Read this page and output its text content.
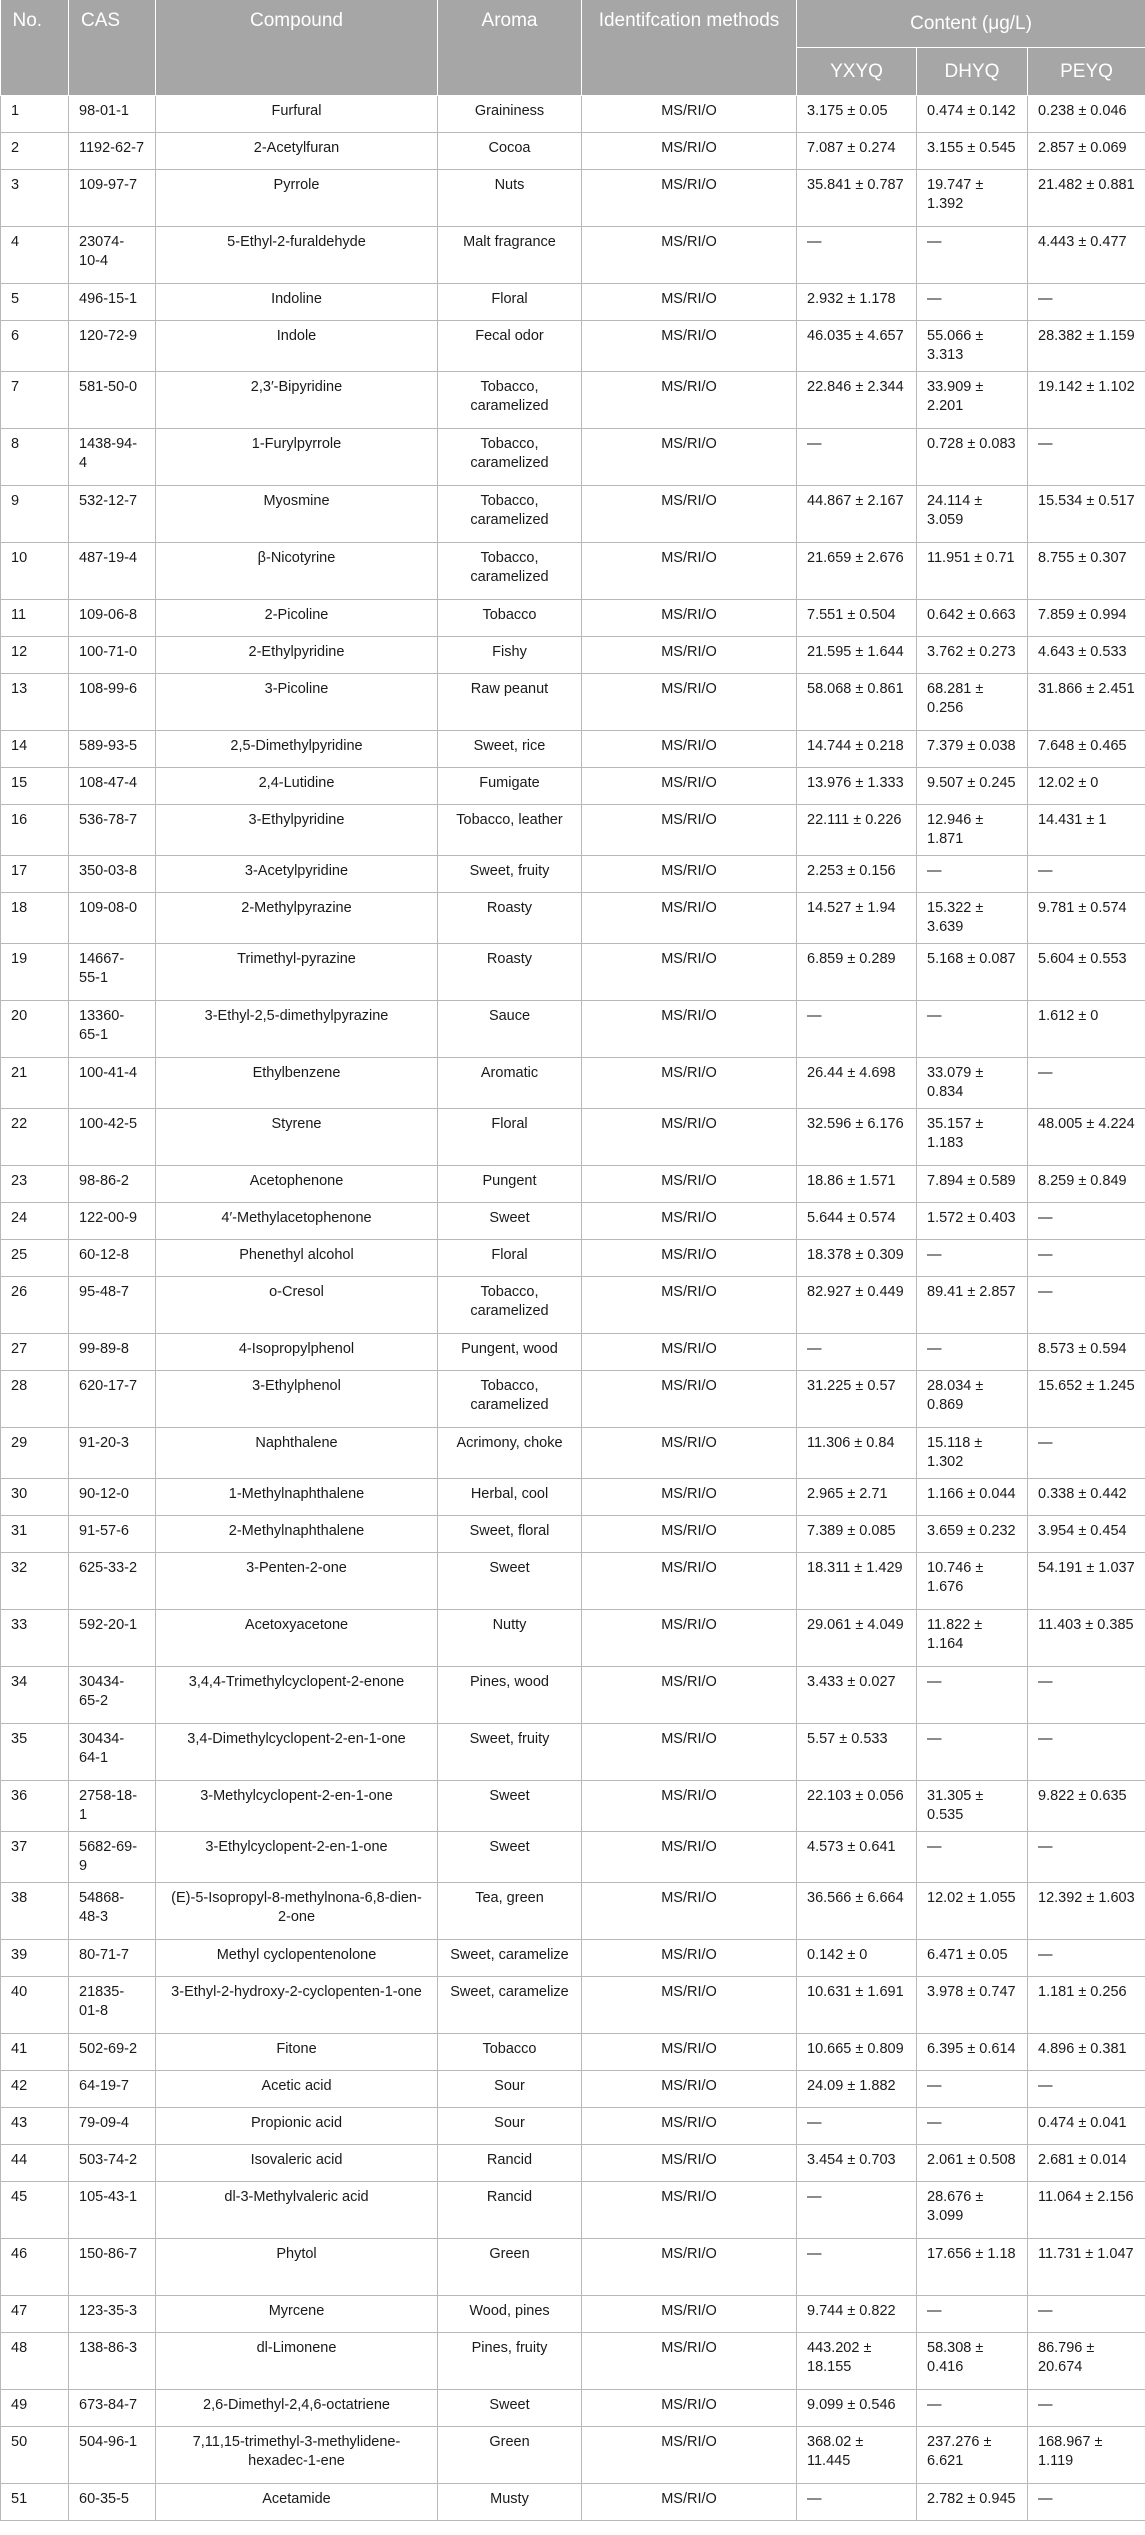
No.	CAS	Compound	Aroma	Identifcation methods	Content (μg/L)		
					YXYQ	DHYQ	PEYQ
1	98-01-1	Furfural	Graininess	MS/RI/O	3.175 ± 0.05	0.474 ± 0.142	0.238 ± 0.046
2	1192-62-7	2-Acetylfuran	Cocoa	MS/RI/O	7.087 ± 0.274	3.155 ± 0.545	2.857 ± 0.069
3	109-97-7	Pyrrole	Nuts	MS/RI/O	35.841 ± 0.787	19.747 ± 1.392	21.482 ± 0.881
4	23074-10-4	5-Ethyl-2-furaldehyde	Malt fragrance	MS/RI/O	—	—	4.443 ± 0.477
5	496-15-1	Indoline	Floral	MS/RI/O	2.932 ± 1.178	—	—
6	120-72-9	Indole	Fecal odor	MS/RI/O	46.035 ± 4.657	55.066 ± 3.313	28.382 ± 1.159
7	581-50-0	2,3′-Bipyridine	Tobacco, caramelized	MS/RI/O	22.846 ± 2.344	33.909 ± 2.201	19.142 ± 1.102
8	1438-94-4	1-Furylpyrrole	Tobacco, caramelized	MS/RI/O	—	0.728 ± 0.083	—
9	532-12-7	Myosmine	Tobacco, caramelized	MS/RI/O	44.867 ± 2.167	24.114 ± 3.059	15.534 ± 0.517
10	487-19-4	β-Nicotyrine	Tobacco, caramelized	MS/RI/O	21.659 ± 2.676	11.951 ± 0.71	8.755 ± 0.307
11	109-06-8	2-Picoline	Tobacco	MS/RI/O	7.551 ± 0.504	0.642 ± 0.663	7.859 ± 0.994
12	100-71-0	2-Ethylpyridine	Fishy	MS/RI/O	21.595 ± 1.644	3.762 ± 0.273	4.643 ± 0.533
13	108-99-6	3-Picoline	Raw peanut	MS/RI/O	58.068 ± 0.861	68.281 ± 0.256	31.866 ± 2.451
14	589-93-5	2,5-Dimethylpyridine	Sweet, rice	MS/RI/O	14.744 ± 0.218	7.379 ± 0.038	7.648 ± 0.465
15	108-47-4	2,4-Lutidine	Fumigate	MS/RI/O	13.976 ± 1.333	9.507 ± 0.245	12.02 ± 0
16	536-78-7	3-Ethylpyridine	Tobacco, leather	MS/RI/O	22.111 ± 0.226	12.946 ± 1.871	14.431 ± 1
17	350-03-8	3-Acetylpyridine	Sweet, fruity	MS/RI/O	2.253 ± 0.156	—	—
18	109-08-0	2-Methylpyrazine	Roasty	MS/RI/O	14.527 ± 1.94	15.322 ± 3.639	9.781 ± 0.574
19	14667-55-1	Trimethyl-pyrazine	Roasty	MS/RI/O	6.859 ± 0.289	5.168 ± 0.087	5.604 ± 0.553
20	13360-65-1	3-Ethyl-2,5-dimethylpyrazine	Sauce	MS/RI/O	—	—	1.612 ± 0
21	100-41-4	Ethylbenzene	Aromatic	MS/RI/O	26.44 ± 4.698	33.079 ± 0.834	—
22	100-42-5	Styrene	Floral	MS/RI/O	32.596 ± 6.176	35.157 ± 1.183	48.005 ± 4.224
23	98-86-2	Acetophenone	Pungent	MS/RI/O	18.86 ± 1.571	7.894 ± 0.589	8.259 ± 0.849
24	122-00-9	4′-Methylacetophenone	Sweet	MS/RI/O	5.644 ± 0.574	1.572 ± 0.403	—
25	60-12-8	Phenethyl alcohol	Floral	MS/RI/O	18.378 ± 0.309	—	—
26	95-48-7	o-Cresol	Tobacco, caramelized	MS/RI/O	82.927 ± 0.449	89.41 ± 2.857	—
27	99-89-8	4-Isopropylphenol	Pungent, wood	MS/RI/O	—	—	8.573 ± 0.594
28	620-17-7	3-Ethylphenol	Tobacco, caramelized	MS/RI/O	31.225 ± 0.57	28.034 ± 0.869	15.652 ± 1.245
29	91-20-3	Naphthalene	Acrimony, choke	MS/RI/O	11.306 ± 0.84	15.118 ± 1.302	—
30	90-12-0	1-Methylnaphthalene	Herbal, cool	MS/RI/O	2.965 ± 2.71	1.166 ± 0.044	0.338 ± 0.442
31	91-57-6	2-Methylnaphthalene	Sweet, floral	MS/RI/O	7.389 ± 0.085	3.659 ± 0.232	3.954 ± 0.454
32	625-33-2	3-Penten-2-one	Sweet	MS/RI/O	18.311 ± 1.429	10.746 ± 1.676	54.191 ± 1.037
33	592-20-1	Acetoxyacetone	Nutty	MS/RI/O	29.061 ± 4.049	11.822 ± 1.164	11.403 ± 0.385
34	30434-65-2	3,4,4-Trimethylcyclopent-2-enone	Pines, wood	MS/RI/O	3.433 ± 0.027	—	—
35	30434-64-1	3,4-Dimethylcyclopent-2-en-1-one	Sweet, fruity	MS/RI/O	5.57 ± 0.533	—	—
36	2758-18-1	3-Methylcyclopent-2-en-1-one	Sweet	MS/RI/O	22.103 ± 0.056	31.305 ± 0.535	9.822 ± 0.635
37	5682-69-9	3-Ethylcyclopent-2-en-1-one	Sweet	MS/RI/O	4.573 ± 0.641	—	—
38	54868-48-3	(E)-5-Isopropyl-8-methylnona-6,8-dien-2-one	Tea, green	MS/RI/O	36.566 ± 6.664	12.02 ± 1.055	12.392 ± 1.603
39	80-71-7	Methyl cyclopentenolone	Sweet, caramelize	MS/RI/O	0.142 ± 0	6.471 ± 0.05	—
40	21835-01-8	3-Ethyl-2-hydroxy-2-cyclopenten-1-one	Sweet, caramelize	MS/RI/O	10.631 ± 1.691	3.978 ± 0.747	1.181 ± 0.256
41	502-69-2	Fitone	Tobacco	MS/RI/O	10.665 ± 0.809	6.395 ± 0.614	4.896 ± 0.381
42	64-19-7	Acetic acid	Sour	MS/RI/O	24.09 ± 1.882	—	—
43	79-09-4	Propionic acid	Sour	MS/RI/O	—	—	0.474 ± 0.041
44	503-74-2	Isovaleric acid	Rancid	MS/RI/O	3.454 ± 0.703	2.061 ± 0.508	2.681 ± 0.014
45	105-43-1	dl-3-Methylvaleric acid	Rancid	MS/RI/O	—	28.676 ± 3.099	11.064 ± 2.156
46	150-86-7	Phytol	Green	MS/RI/O	—	17.656 ± 1.18	11.731 ± 1.047
47	123-35-3	Myrcene	Wood, pines	MS/RI/O	9.744 ± 0.822	—	—
48	138-86-3	dl-Limonene	Pines, fruity	MS/RI/O	443.202 ± 18.155	58.308 ± 0.416	86.796 ± 20.674
49	673-84-7	2,6-Dimethyl-2,4,6-octatriene	Sweet	MS/RI/O	9.099 ± 0.546	—	—
50	504-96-1	7,11,15-trimethyl-3-methylidene-hexadec-1-ene	Green	MS/RI/O	368.02 ± 11.445	237.276 ± 6.621	168.967 ± 1.119
51	60-35-5	Acetamide	Musty	MS/RI/O	—	2.782 ± 0.945	—
